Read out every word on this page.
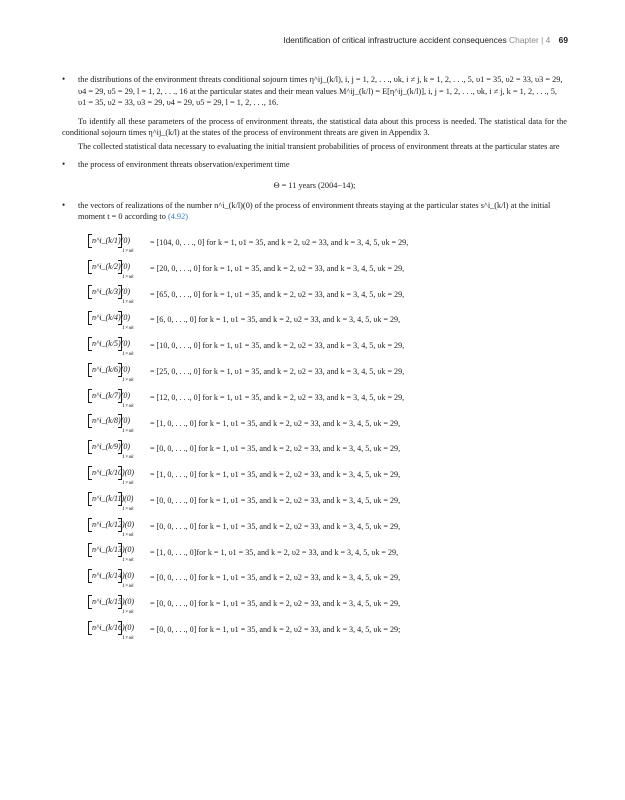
Identification of critical infrastructure accident consequences Chapter | 4 69
• the distributions of the environment threats conditional sojourn times η^ij_(k/l), i, j = 1, 2, . . ., υk, i ≠ j, k = 1, 2, . . ., 5, υ1 = 35, υ2 = 33, υ3 = 29, υ4 = 29, υ5 = 29, l = 1, 2, . . ., 16 at the particular states and their mean values M^ij_(k/l) = E[η^ij_(k/l)], i, j = 1, 2, . . ., υk, i ≠ j, k = 1, 2, . . ., 5, υ1 = 35, υ2 = 33, υ3 = 29, υ4 = 29, υ5 = 29, l = 1, 2, . . ., 16.

To identify all these parameters of the process of environment threats, the statistical data about this process is needed. The statistical data for the conditional sojourn times η^ij_(k/l) at the states of the process of environment threats are given in Appendix 3.

The collected statistical data necessary to evaluating the initial transient probabilities of process of environment threats at the particular states are

• the process of environment threats observation/experiment time
Θ = 11 years (2004−14);
• the vectors of realizations of the number n^i_(k/l)(0) of the process of environment threats staying at the particular states s^i_(k/l) at the initial moment t = 0 according to (4.92)
n^i_(k/1)(0)
1×υk
= [104, 0, . . ., 0] for k = 1, υ1 = 35, and k = 2, υ2 = 33, and k = 3, 4, 5, υk = 29,
n^i_(k/2)(0)
1×υk
= [20, 0, . . ., 0] for k = 1, υ1 = 35, and k = 2, υ2 = 33, and k = 3, 4, 5, υk = 29,
n^i_(k/3)(0)
1×υk
= [65, 0, . . ., 0] for k = 1, υ1 = 35, and k = 2, υ2 = 33, and k = 3, 4, 5, υk = 29,
n^i_(k/4)(0)
1×υk
= [6, 0, . . ., 0] for k = 1, υ1 = 35, and k = 2, υ2 = 33, and k = 3, 4, 5, υk = 29,
n^i_(k/5)(0)
1×υk
= [10, 0, . . ., 0] for k = 1, υ1 = 35, and k = 2, υ2 = 33, and k = 3, 4, 5, υk = 29,
n^i_(k/6)(0)
1×υk
= [25, 0, . . ., 0] for k = 1, υ1 = 35, and k = 2, υ2 = 33, and k = 3, 4, 5, υk = 29,
n^i_(k/7)(0)
1×υk
= [12, 0, . . ., 0] for k = 1, υ1 = 35, and k = 2, υ2 = 33, and k = 3, 4, 5, υk = 29,
n^i_(k/8)(0)
1×υk
= [1, 0, . . ., 0] for k = 1, υ1 = 35, and k = 2, υ2 = 33, and k = 3, 4, 5, υk = 29,
n^i_(k/9)(0)
1×υk
= [0, 0, . . ., 0] for k = 1, υ1 = 35, and k = 2, υ2 = 33, and k = 3, 4, 5, υk = 29,
n^i_(k/10)(0)
1×υk
= [1, 0, . . ., 0] for k = 1, υ1 = 35, and k = 2, υ2 = 33, and k = 3, 4, 5, υk = 29,
n^i_(k/11)(0)
1×υk
= [0, 0, . . ., 0] for k = 1, υ1 = 35, and k = 2, υ2 = 33, and k = 3, 4, 5, υk = 29,
n^i_(k/12)(0)
1×υk
= [0, 0, . . ., 0] for k = 1, υ1 = 35, and k = 2, υ2 = 33, and k = 3, 4, 5, υk = 29,
n^i_(k/13)(0)
1×υk
= [1, 0, . . ., 0]for k = 1, υ1 = 35, and k = 2, υ2 = 33, and k = 3, 4, 5, υk = 29,
n^i_(k/14)(0)
1×υk
= [0, 0, . . ., 0] for k = 1, υ1 = 35, and k = 2, υ2 = 33, and k = 3, 4, 5, υk = 29,
n^i_(k/15)(0)
1×υk
= [0, 0, . . ., 0] for k = 1, υ1 = 35, and k = 2, υ2 = 33, and k = 3, 4, 5, υk = 29,
n^i_(k/16)(0)
1×υk
= [0, 0, . . ., 0] for k = 1, υ1 = 35, and k = 2, υ2 = 33, and k = 3, 4, 5, υk = 29;
